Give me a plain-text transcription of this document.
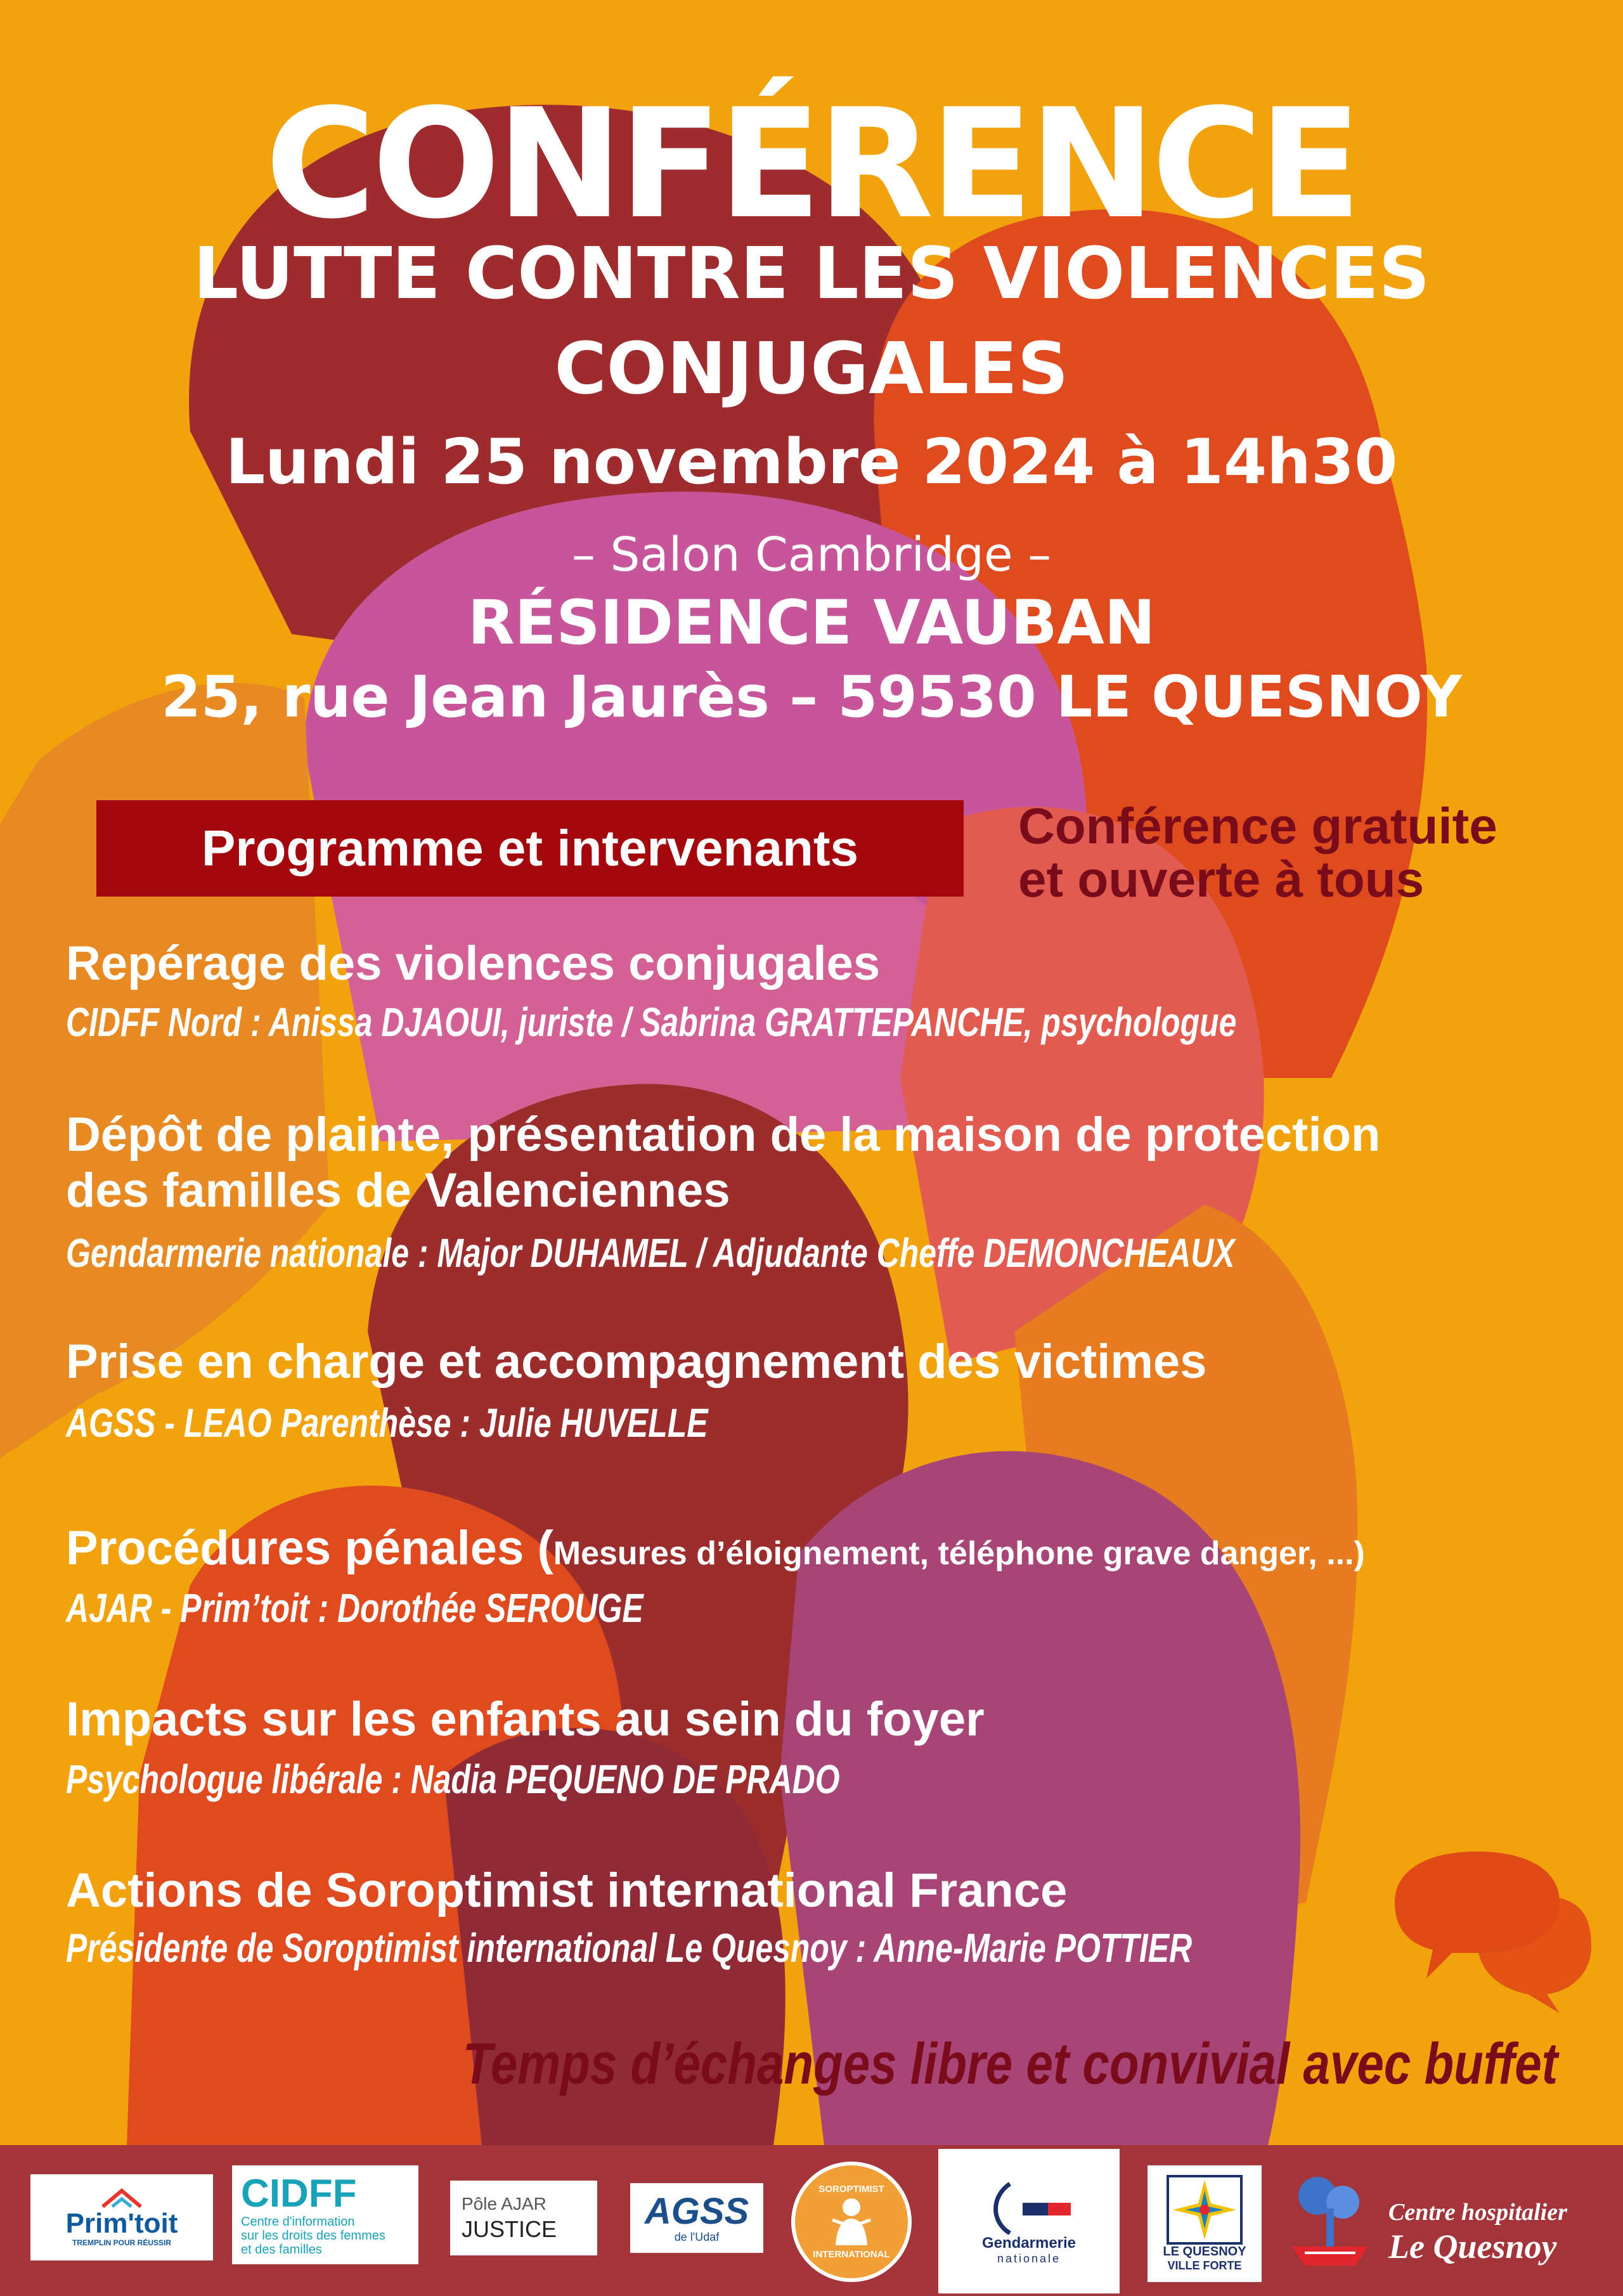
CONFÉRENCE
LUTTE CONTRE LES VIOLENCES
CONJUGALES
Lundi 25 novembre 2024 à 14h30
– Salon Cambridge –
RÉSIDENCE VAUBAN
25, rue Jean Jaurès – 59530 LE QUESNOY
Programme et intervenants	Conférence gratuite
et ouverte à tous
Repérage des violences conjugales
CIDFF Nord : Anissa DJAOUI, juriste / Sabrina GRATTEPANCHE, psychologue
Dépôt de plainte, présentation de la maison de protection
des familles de Valenciennes
Gendarmerie nationale : Major DUHAMEL / Adjudante Cheffe DEMONCHEAUX
Prise en charge et accompagnement des victimes
AGSS - LEAO Parenthèse : Julie HUVELLE
Procédures pénales (Mesures d’éloignement, téléphone grave danger, ...)
AJAR - Prim’toit : Dorothée SEROUGE
Impacts sur les enfants au sein du foyer
Psychologue libérale : Nadia PEQUENO DE PRADO
Actions de Soroptimist international France
Présidente de Soroptimist international Le Quesnoy : Anne-Marie POTTIER
Temps d’échanges libre et convivial avec buffet
Prim'toit
TREMPLIN POUR RÉUSSIR
CIDFF
Centre d'information
sur les droits des femmes
et des familles
Pôle AJAR
JUSTICE AGSS
de l'Udaf
SOROPTIMIST
INTERNATIONAL
Gendarmerie
nationale	LE QUESNOY
VILLE FORTE
Centre hospitalier
Le Quesnoy
